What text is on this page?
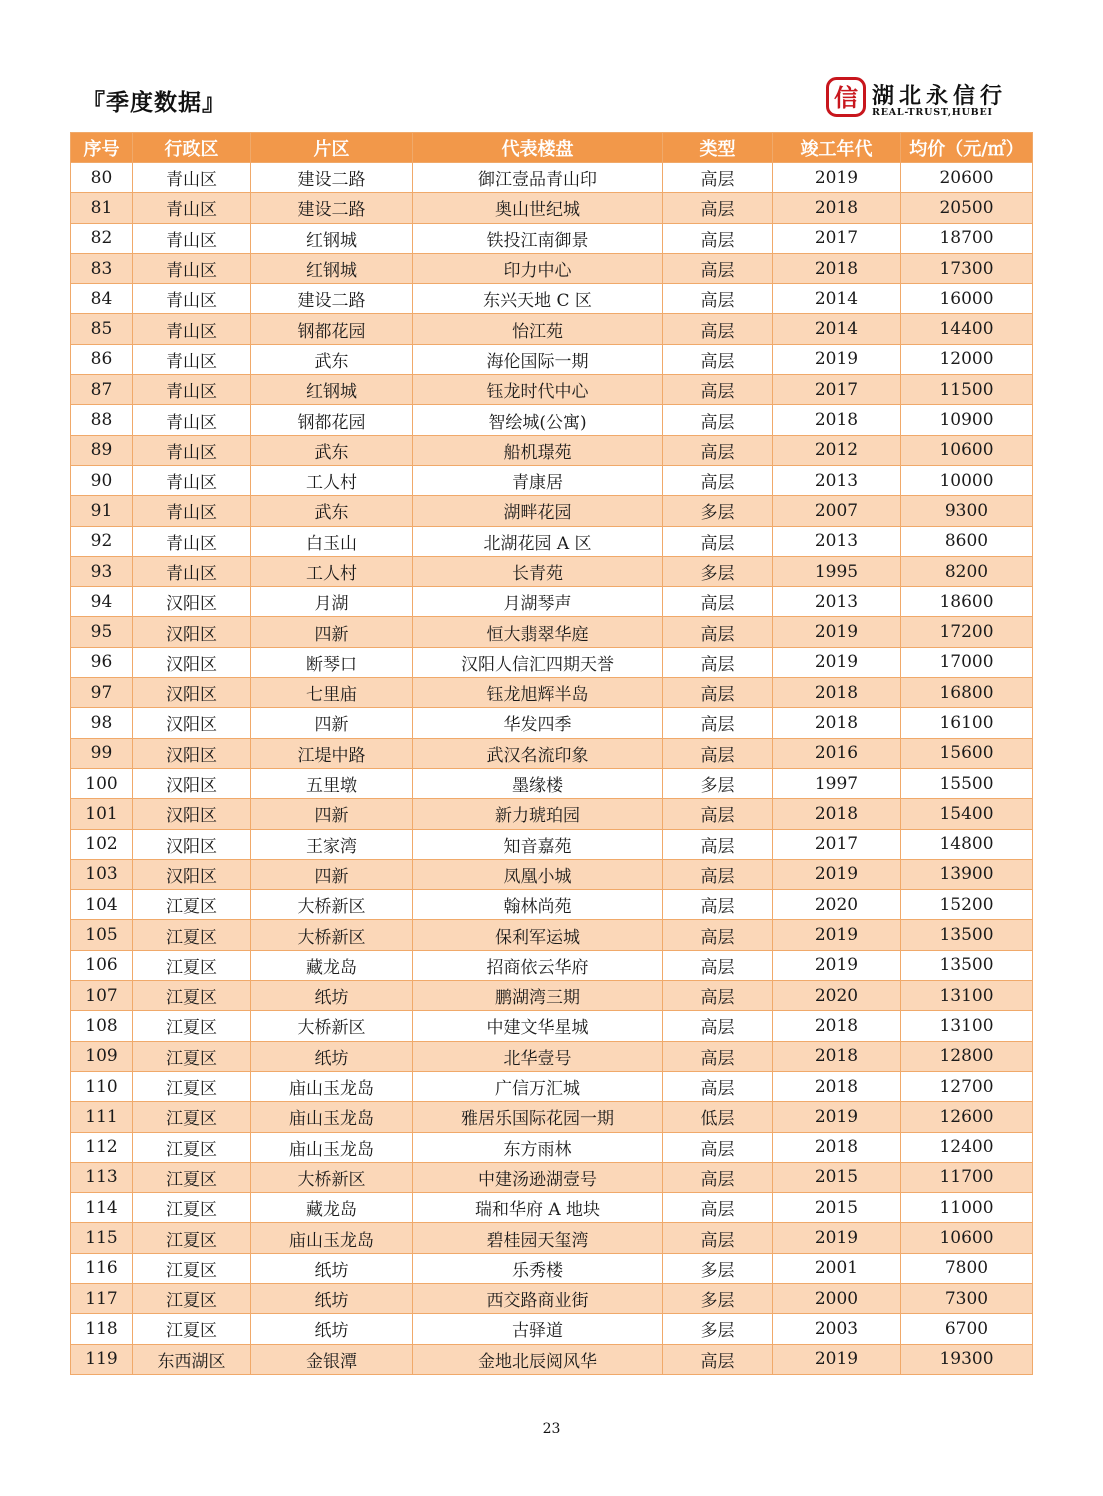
『季度数据』	信 湖北永信行
REAL-TRUST,HUBEI
序号	行政区	片区	代表楼盘	类型	竣工年代	均价（元/㎡）
80	青山区	建设二路	御江壹品青山印	高层	2019	20600
81	青山区	建设二路	奥山世纪城	高层	2018	20500
82	青山区	红钢城	铁投江南御景	高层	2017	18700
83	青山区	红钢城	印力中心	高层	2018	17300
84	青山区	建设二路	东兴天地 C 区	高层	2014	16000
85	青山区	钢都花园	怡江苑	高层	2014	14400
86	青山区	武东	海伦国际一期	高层	2019	12000
87	青山区	红钢城	钰龙时代中心	高层	2017	11500
88	青山区	钢都花园	智绘城(公寓)	高层	2018	10900
89	青山区	武东	船机璟苑	高层	2012	10600
90	青山区	工人村	青康居	高层	2013	10000
91	青山区	武东	湖畔花园	多层	2007	9300
92	青山区	白玉山	北湖花园 A 区	高层	2013	8600
93	青山区	工人村	长青苑	多层	1995	8200
94	汉阳区	月湖	月湖琴声	高层	2013	18600
95	汉阳区	四新	恒大翡翠华庭	高层	2019	17200
96	汉阳区	断琴口	汉阳人信汇四期天誉	高层	2019	17000
97	汉阳区	七里庙	钰龙旭辉半岛	高层	2018	16800
98	汉阳区	四新	华发四季	高层	2018	16100
99	汉阳区	江堤中路	武汉名流印象	高层	2016	15600
100	汉阳区	五里墩	墨缘楼	多层	1997	15500
101	汉阳区	四新	新力琥珀园	高层	2018	15400
102	汉阳区	王家湾	知音嘉苑	高层	2017	14800
103	汉阳区	四新	凤凰小城	高层	2019	13900
104	江夏区	大桥新区	翰林尚苑	高层	2020	15200
105	江夏区	大桥新区	保利军运城	高层	2019	13500
106	江夏区	藏龙岛	招商依云华府	高层	2019	13500
107	江夏区	纸坊	鹏湖湾三期	高层	2020	13100
108	江夏区	大桥新区	中建文华星城	高层	2018	13100
109	江夏区	纸坊	北华壹号	高层	2018	12800
110	江夏区	庙山玉龙岛	广信万汇城	高层	2018	12700
111	江夏区	庙山玉龙岛	雅居乐国际花园一期	低层	2019	12600
112	江夏区	庙山玉龙岛	东方雨林	高层	2018	12400
113	江夏区	大桥新区	中建汤逊湖壹号	高层	2015	11700
114	江夏区	藏龙岛	瑞和华府 A 地块	高层	2015	11000
115	江夏区	庙山玉龙岛	碧桂园天玺湾	高层	2019	10600
116	江夏区	纸坊	乐秀楼	多层	2001	7800
117	江夏区	纸坊	西交路商业街	多层	2000	7300
118	江夏区	纸坊	古驿道	多层	2003	6700
119	东西湖区	金银潭	金地北辰阅风华	高层	2019	19300
23
